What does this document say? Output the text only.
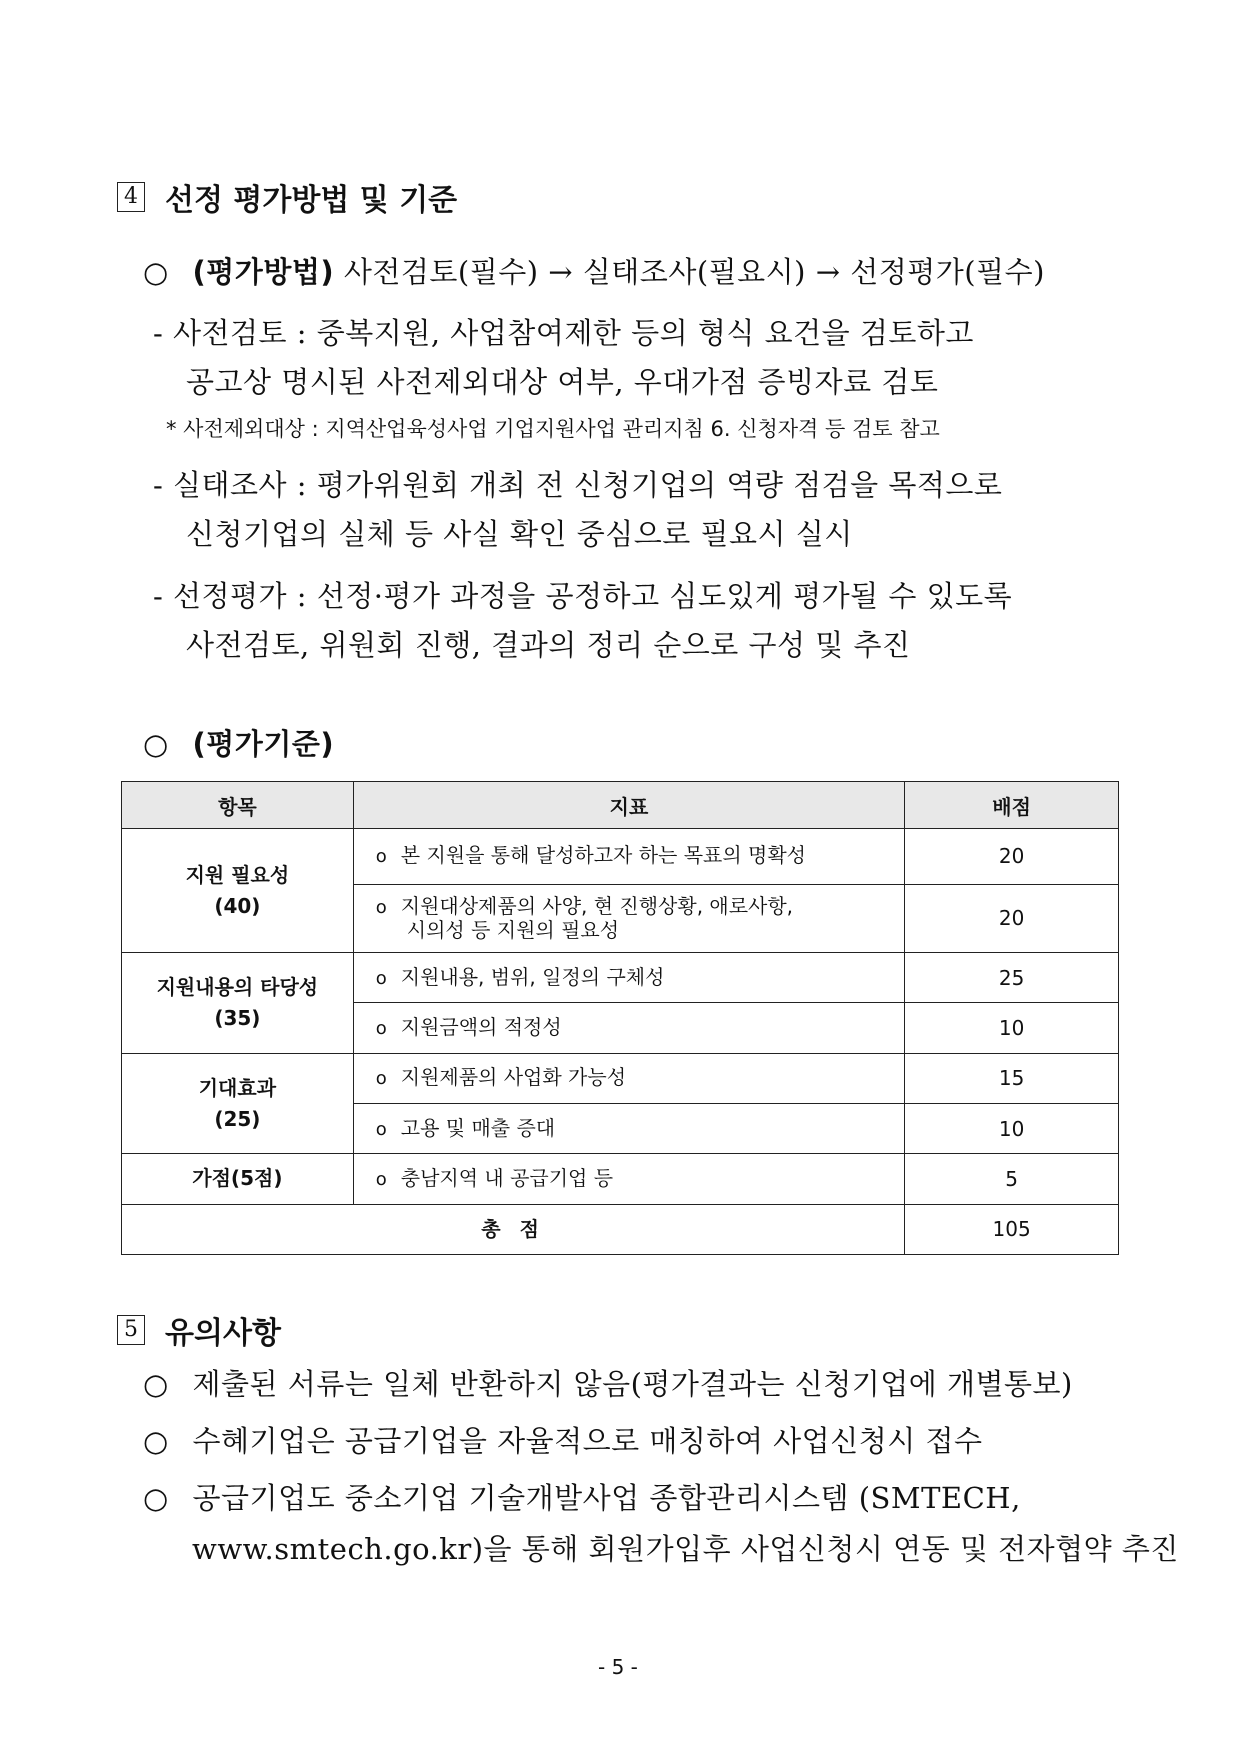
4 선정 평가방법 및 기준
○ (평가방법) 사전검토(필수) → 실태조사(필요시) → 선정평가(필수)
- 사전검토 : 중복지원, 사업참여제한 등의 형식 요건을 검토하고
공고상 명시된 사전제외대상 여부, 우대가점 증빙자료 검토
* 사전제외대상 : 지역산업육성사업 기업지원사업 관리지침 6. 신청자격 등 검토 참고
- 실태조사 : 평가위원회 개최 전 신청기업의 역량 점검을 목적으로
신청기업의 실체 등 사실 확인 중심으로 필요시 실시
- 선정평가 : 선정·평가 과정을 공정하고 심도있게 평가될 수 있도록
사전검토, 위원회 진행, 결과의 정리 순으로 구성 및 추진
○ (평가기준)
항목	지표	배점
지원 필요성
(40)	o 본 지원을 통해 달성하고자 하는 목표의 명확성	20
	o 지원대상제품의 사양, 현 진행상황, 애로사항,
시의성 등 지원의 필요성	20
지원내용의 타당성
(35)	o 지원내용, 범위, 일정의 구체성	25
	o 지원금액의 적정성	10
기대효과
(25)	o 지원제품의 사업화 가능성	15
	o 고용 및 매출 증대	10
가점(5점)	o 충남지역 내 공급기업 등	5
총 점		105
5 유의사항
○ 제출된 서류는 일체 반환하지 않음(평가결과는 신청기업에 개별통보)
○ 수혜기업은 공급기업을 자율적으로 매칭하여 사업신청시 접수
○ 공급기업도 중소기업 기술개발사업 종합관리시스템 (SMTECH,
www.smtech.go.kr)을 통해 회원가입후 사업신청시 연동 및 전자협약 추진
- 5 -
